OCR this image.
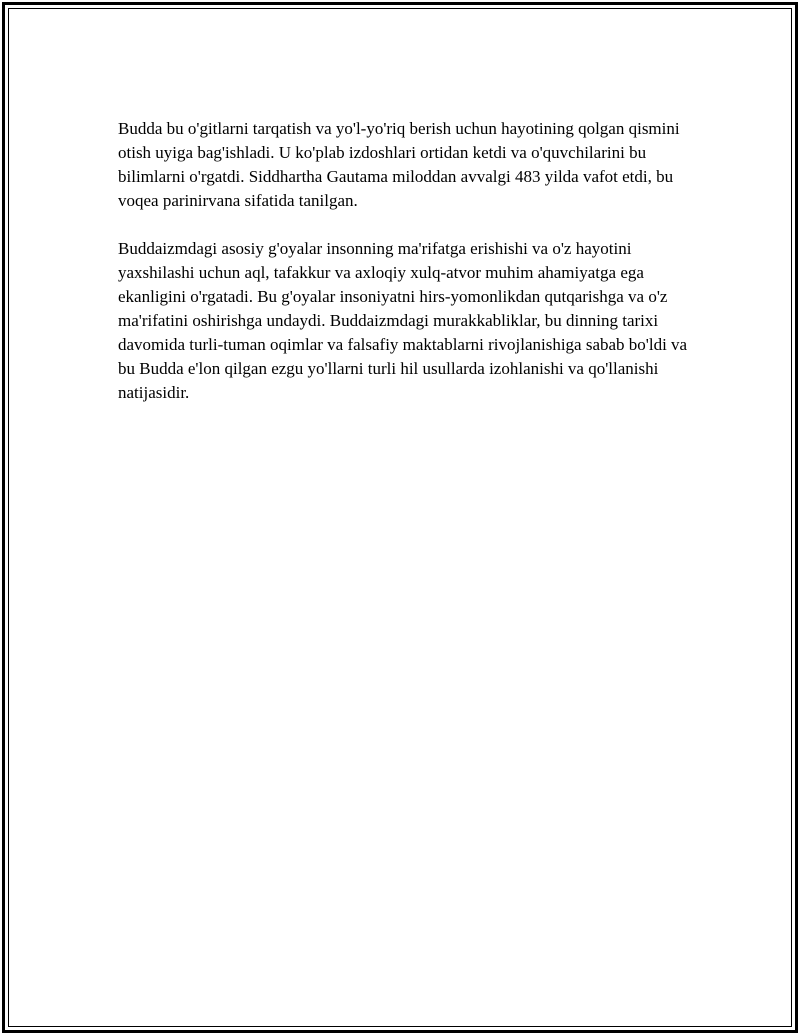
Budda bu o'gitlarni tarqatish va yo'l-yo'riq berish uchun hayotining qolgan qismini otish uyiga bag'ishladi. U ko'plab izdoshlari ortidan ketdi va o'quvchilarini bu bilimlarni o'rgatdi. Siddhartha Gautama miloddan avvalgi 483 yilda vafot etdi, bu voqea parinirvana sifatida tanilgan.

Buddaizmdagi asosiy g'oyalar insonning ma'rifatga erishishi va o'z hayotini yaxshilashi uchun aql, tafakkur va axloqiy xulq-atvor muhim ahamiyatga ega ekanligini o'rgatadi. Bu g'oyalar insoniyatni hirs-yomonlikdan qutqarishga va o'z ma'rifatini oshirishga undaydi. Buddaizmdagi murakkabliklar, bu dinning tarixi davomida turli-tuman oqimlar va falsafiy maktablarni rivojlanishiga sabab bo'ldi va bu Budda e'lon qilgan ezgu yo'llarni turli hil usullarda izohlanishi va qo'llanishi natijasidir.
